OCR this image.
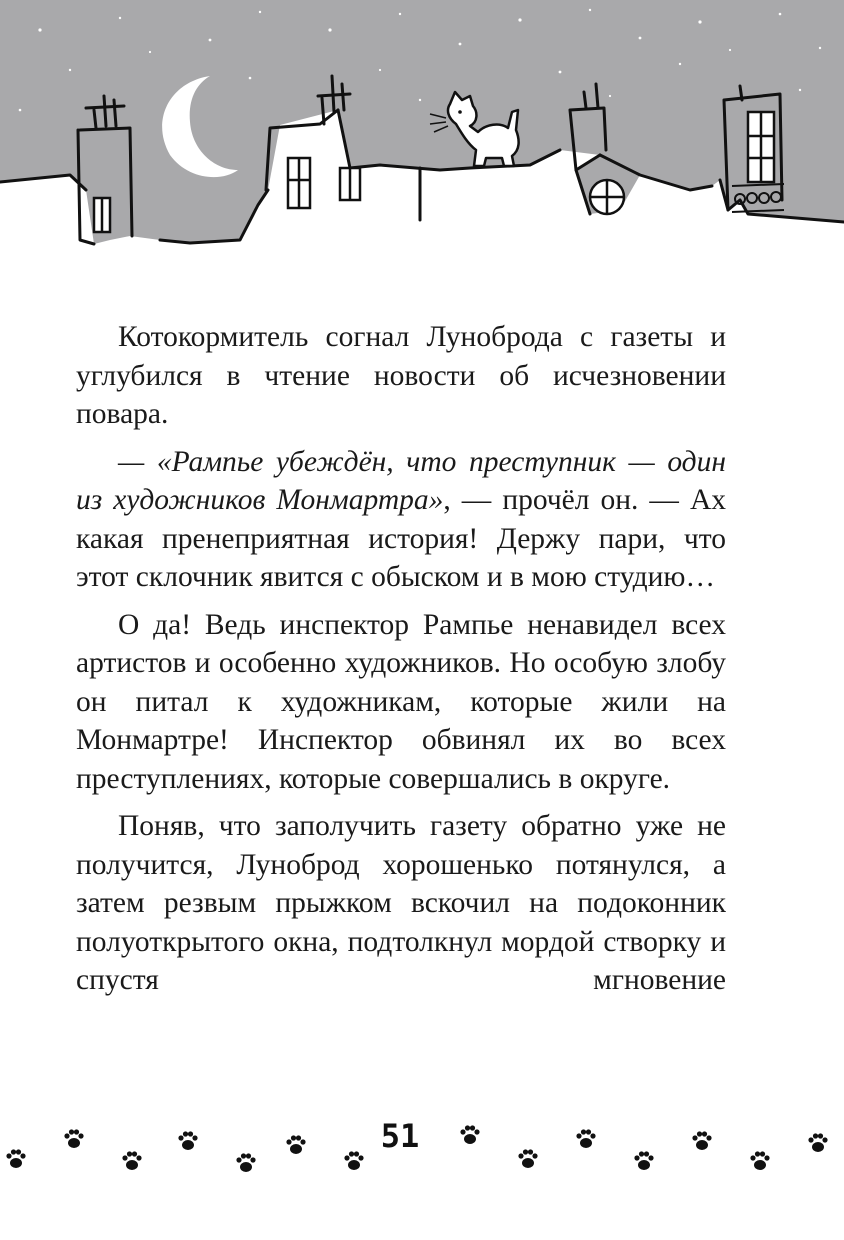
Котокормитель согнал Лунoброда с газеты и углубился в чтение новости об исчезновении повара.

— «Рампье убеждён, что преступник — один из художников Монмартра», — прочёл он. — Ах какая пренеприятная история! Держу пари, что этот склочник явится с обыском и в мою студию…

О да! Ведь инспектор Рампье ненавидел всех артистов и особенно художников. Но особую злобу он питал к художникам, которые жили на Монмартре! Инспектор обвинял их во всех преступлениях, которые совершались в округе.

Поняв, что заполучить газету обратно уже не получится, Лунoброд хорошенько потянулся, а затем резвым прыжком вскочил на подоконник полуоткрытого окна, подтолкнул мордой створку и спустя мгновение

51
